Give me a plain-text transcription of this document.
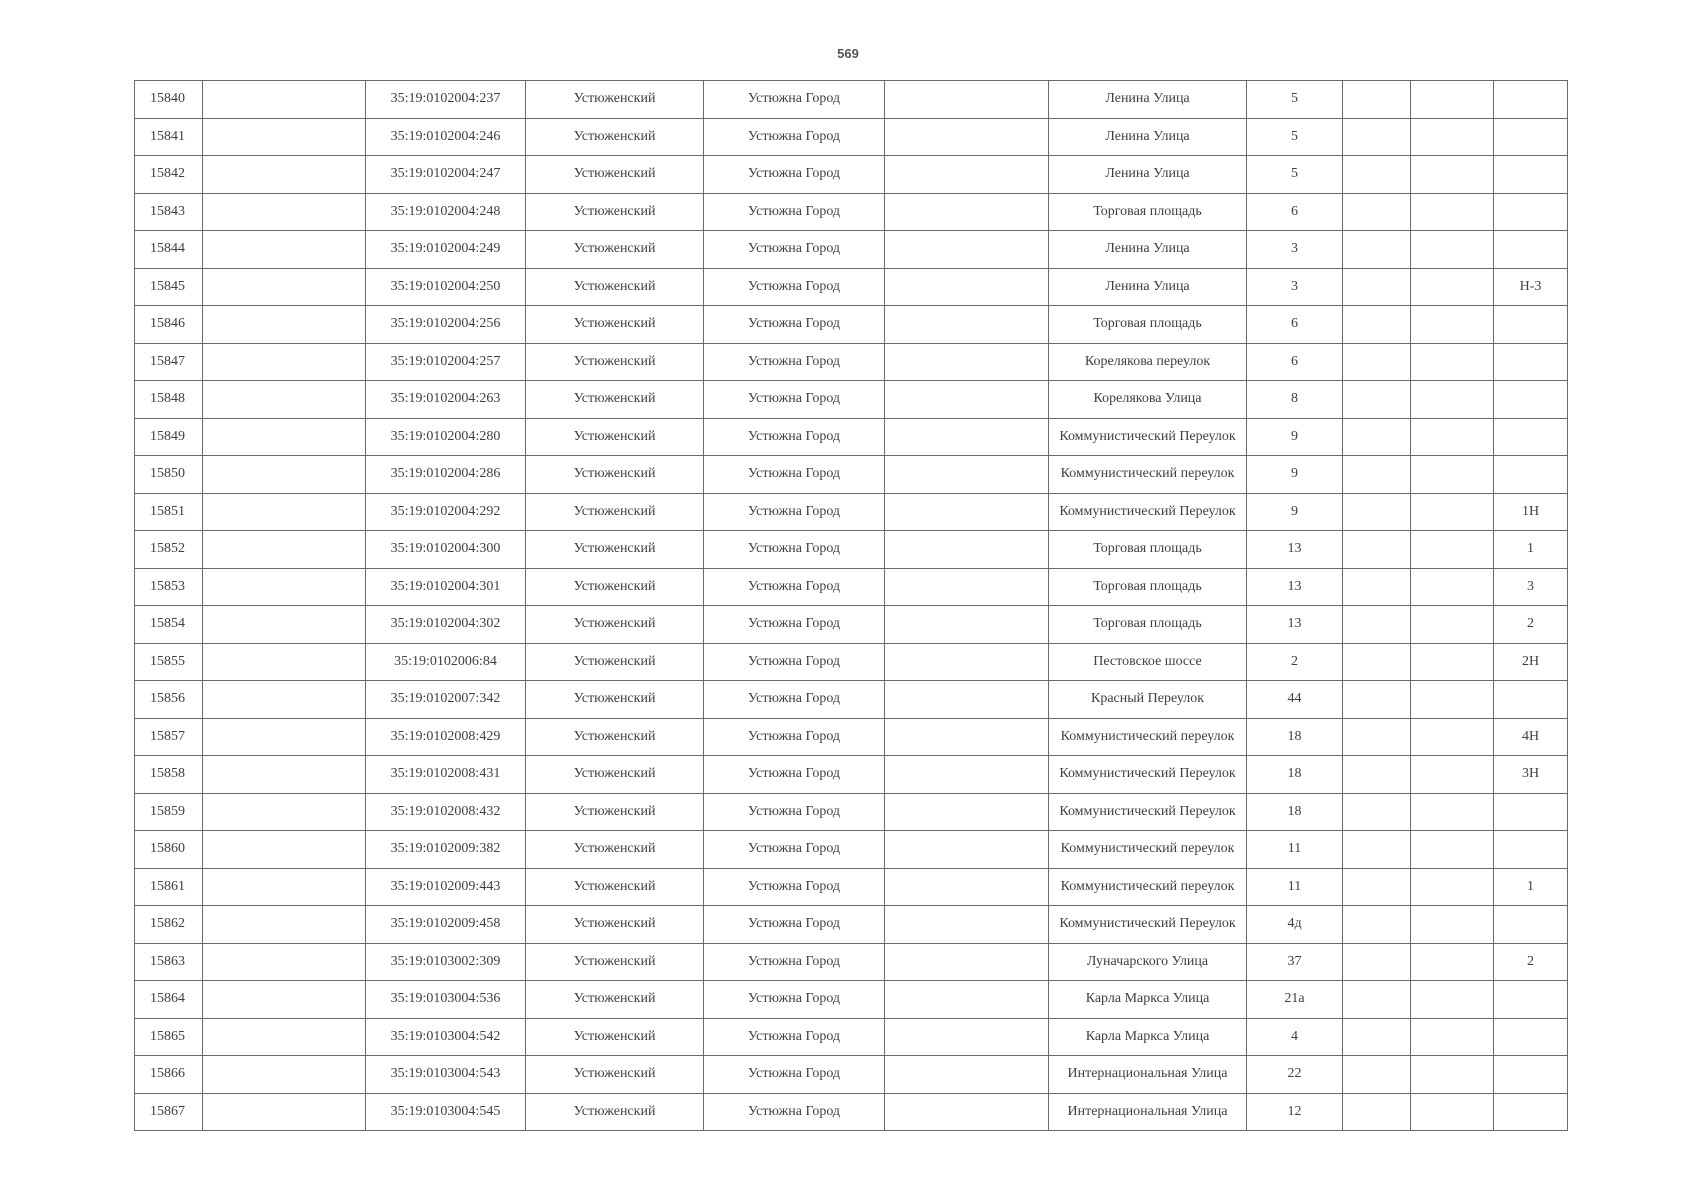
569
15840		35:19:0102004:237	Устюженский	Устюжна Город		Ленина Улица	5			
15841		35:19:0102004:246	Устюженский	Устюжна Город		Ленина Улица	5			
15842		35:19:0102004:247	Устюженский	Устюжна Город		Ленина Улица	5			
15843		35:19:0102004:248	Устюженский	Устюжна Город		Торговая площадь	6			
15844		35:19:0102004:249	Устюженский	Устюжна Город		Ленина Улица	3			
15845		35:19:0102004:250	Устюженский	Устюжна Город		Ленина Улица	3			Н-3
15846		35:19:0102004:256	Устюженский	Устюжна Город		Торговая площадь	6			
15847		35:19:0102004:257	Устюженский	Устюжна Город		Корелякова переулок	6			
15848		35:19:0102004:263	Устюженский	Устюжна Город		Корелякова Улица	8			
15849		35:19:0102004:280	Устюженский	Устюжна Город		Коммунистический Переулок	9			
15850		35:19:0102004:286	Устюженский	Устюжна Город		Коммунистический переулок	9			
15851		35:19:0102004:292	Устюженский	Устюжна Город		Коммунистический Переулок	9			1Н
15852		35:19:0102004:300	Устюженский	Устюжна Город		Торговая площадь	13			1
15853		35:19:0102004:301	Устюженский	Устюжна Город		Торговая площадь	13			3
15854		35:19:0102004:302	Устюженский	Устюжна Город		Торговая площадь	13			2
15855		35:19:0102006:84	Устюженский	Устюжна Город		Пестовское шоссе	2			2Н
15856		35:19:0102007:342	Устюженский	Устюжна Город		Красный Переулок	44			
15857		35:19:0102008:429	Устюженский	Устюжна Город		Коммунистический переулок	18			4Н
15858		35:19:0102008:431	Устюженский	Устюжна Город		Коммунистический Переулок	18			3Н
15859		35:19:0102008:432	Устюженский	Устюжна Город		Коммунистический Переулок	18			
15860		35:19:0102009:382	Устюженский	Устюжна Город		Коммунистический переулок	11			
15861		35:19:0102009:443	Устюженский	Устюжна Город		Коммунистический переулок	11			1
15862		35:19:0102009:458	Устюженский	Устюжна Город		Коммунистический Переулок	4д			
15863		35:19:0103002:309	Устюженский	Устюжна Город		Луначарского Улица	37			2
15864		35:19:0103004:536	Устюженский	Устюжна Город		Карла Маркса Улица	21а			
15865		35:19:0103004:542	Устюженский	Устюжна Город		Карла Маркса Улица	4			
15866		35:19:0103004:543	Устюженский	Устюжна Город		Интернациональная Улица	22			
15867		35:19:0103004:545	Устюженский	Устюжна Город		Интернациональная Улица	12			
